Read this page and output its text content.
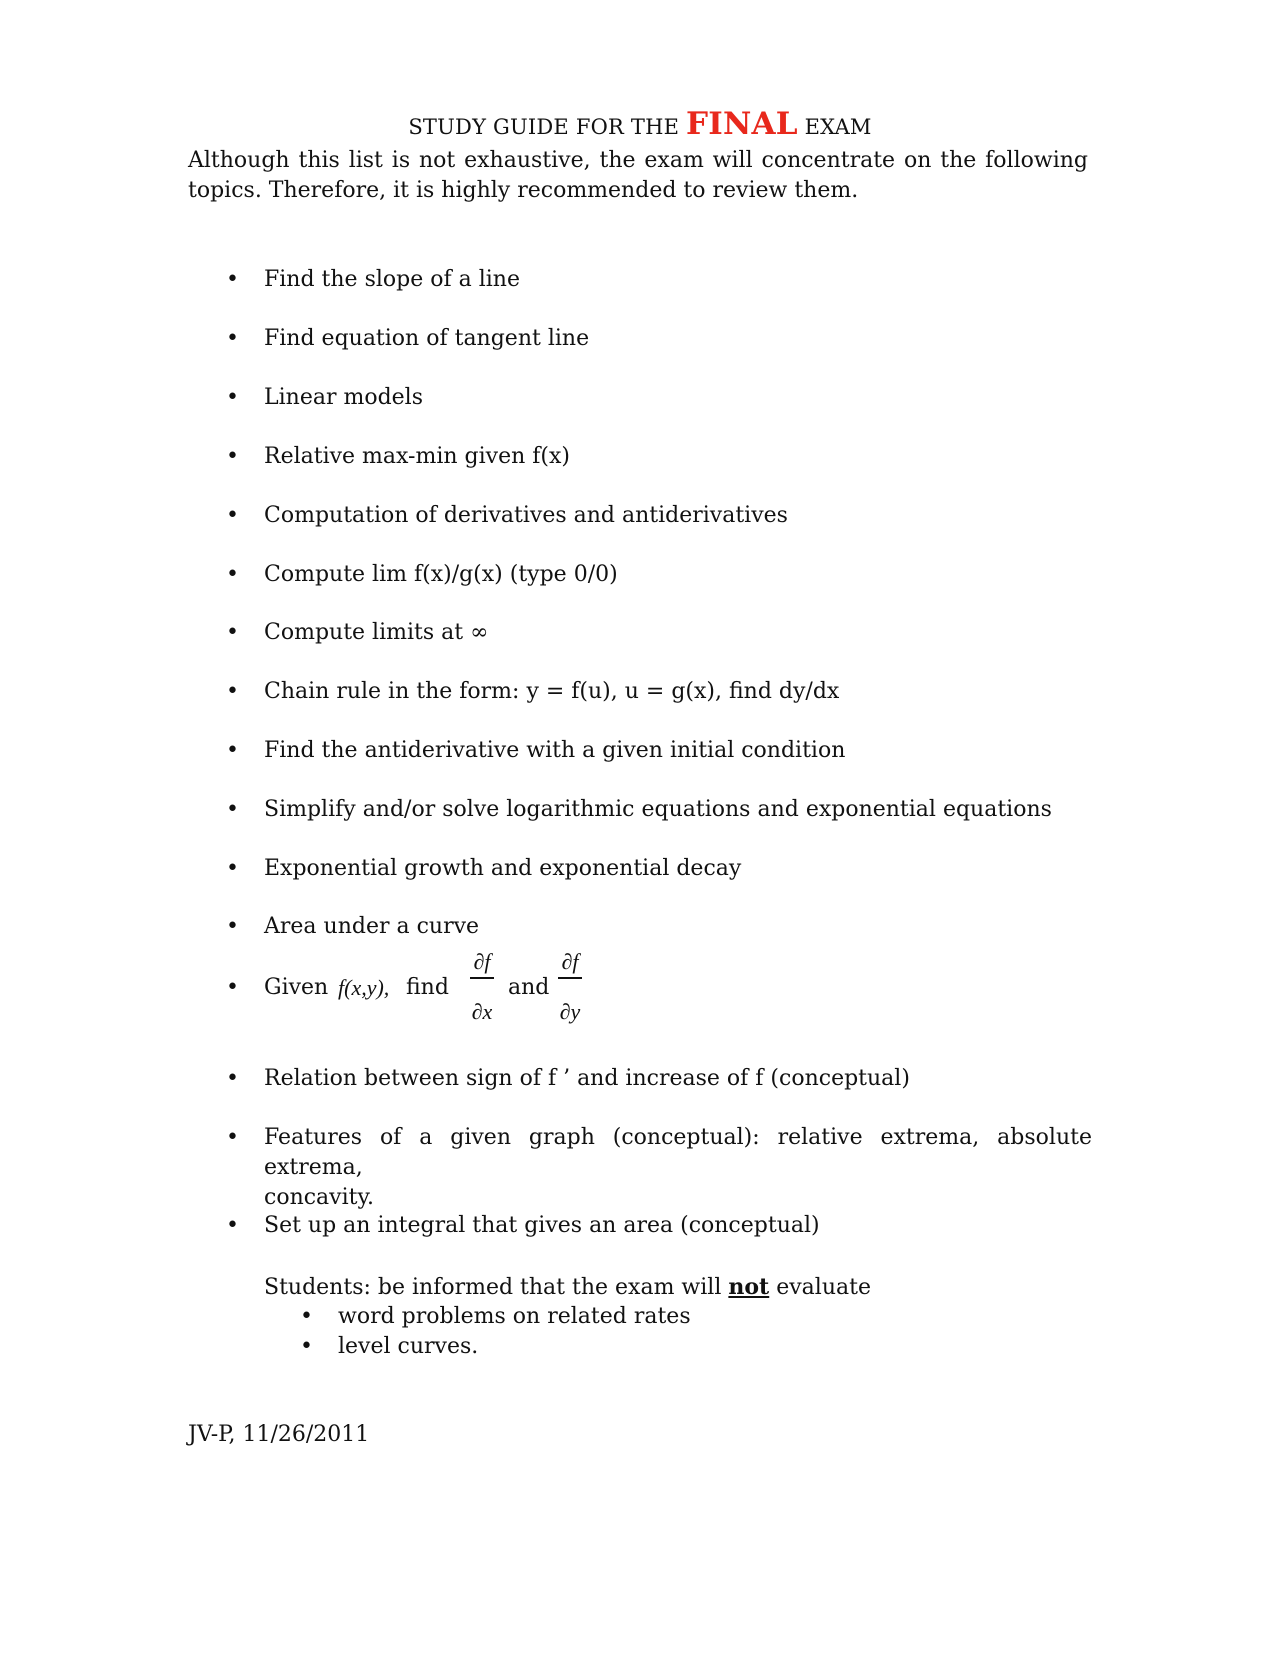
STUDY GUIDE FOR THE FINAL EXAM
Although this list is not exhaustive, the exam will concentrate on the following
topics. Therefore, it is highly recommended to review them.
•	Find the slope of a line
•	Find equation of tangent line
•	Linear models
•	Relative max-min given f(x)
•	Computation of derivatives and antiderivatives
•	Compute lim f(x)/g(x) (type 0/0)
•	Compute limits at ∞
•	Chain rule in the form: y = f(u), u = g(x), find dy/dx
•	Find the antiderivative with a given initial condition
•	Simplify and/or solve logarithmic equations and exponential equations
•	Exponential growth and exponential decay
•	Area under a curve
•	Given f(x,y), find
∂f
∂x
and
∂f
∂y
•	Relation between sign of f ’ and increase of f (conceptual)
•	Features of a given graph (conceptual): relative extrema, absolute extrema,
concavity.
•	Set up an integral that gives an area (conceptual)
Students: be informed that the exam will not evaluate
• word problems on related rates
• level curves.
JV-P, 11/26/2011
